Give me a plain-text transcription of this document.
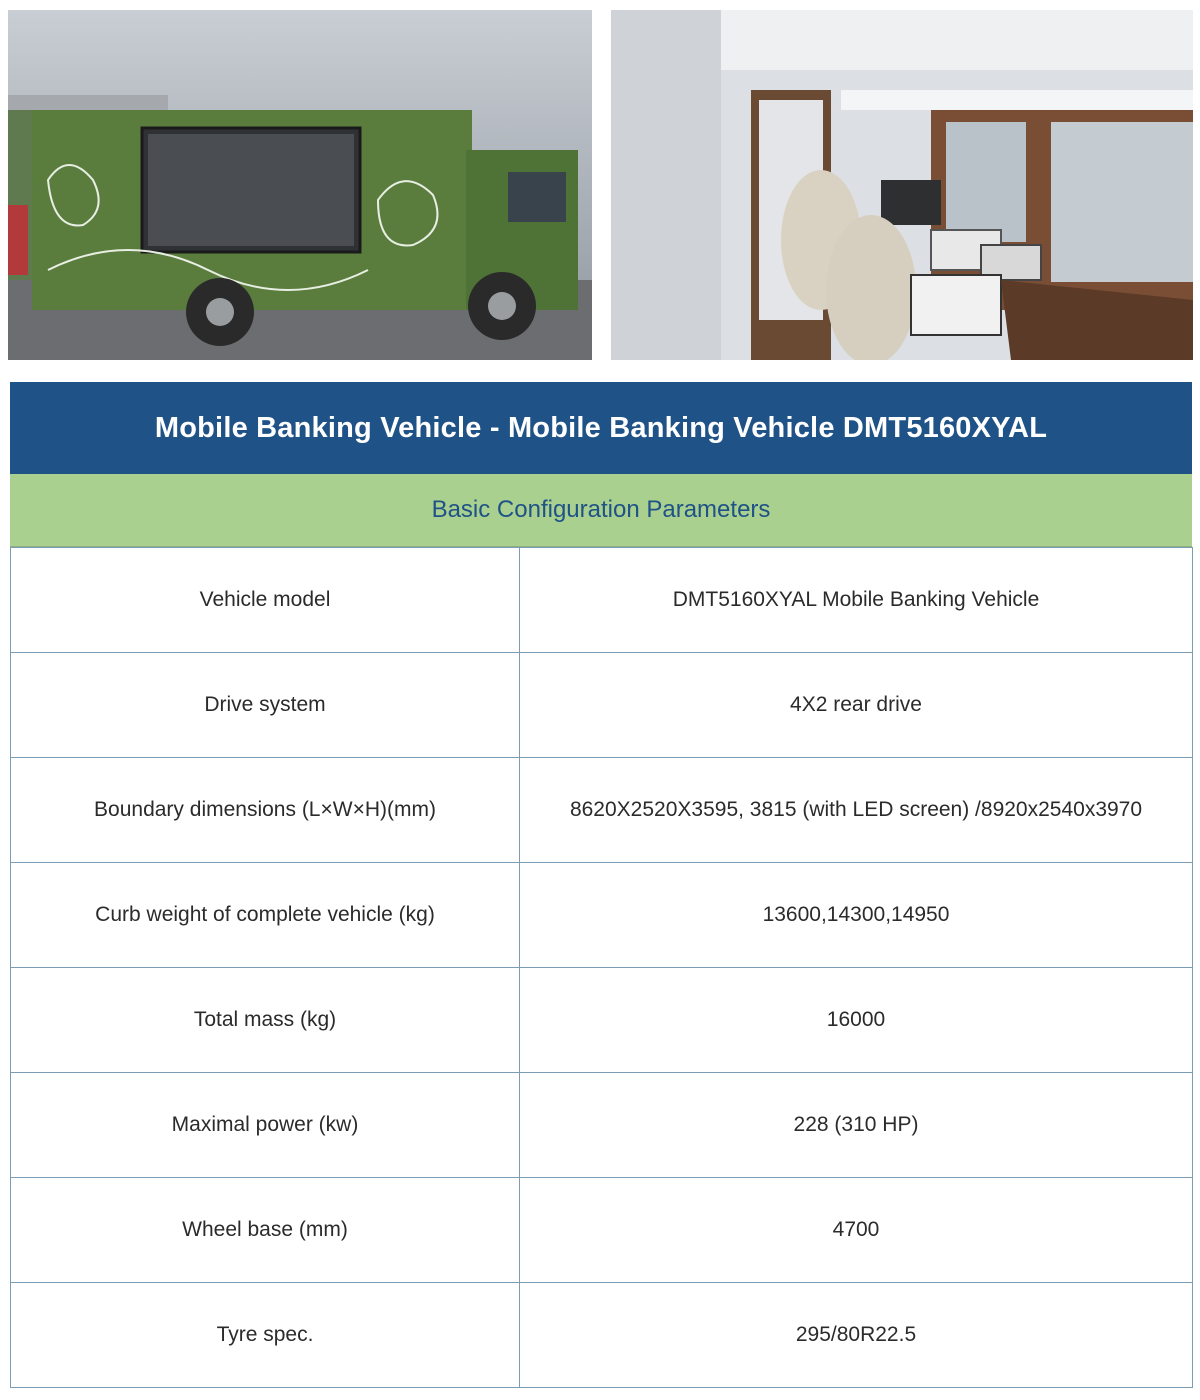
Mobile Banking Vehicle - Mobile Banking Vehicle DMT5160XYAL
Basic Configuration Parameters
Vehicle model	DMT5160XYAL Mobile Banking Vehicle
Drive system	4X2 rear drive
Boundary dimensions (L×W×H)(mm)	8620X2520X3595, 3815 (with LED screen) /8920x2540x3970
Curb weight of complete vehicle (kg)	13600,14300,14950
Total mass (kg)	16000
Maximal power (kw)	228 (310 HP)
Wheel base (mm)	4700
Tyre spec.	295/80R22.5
